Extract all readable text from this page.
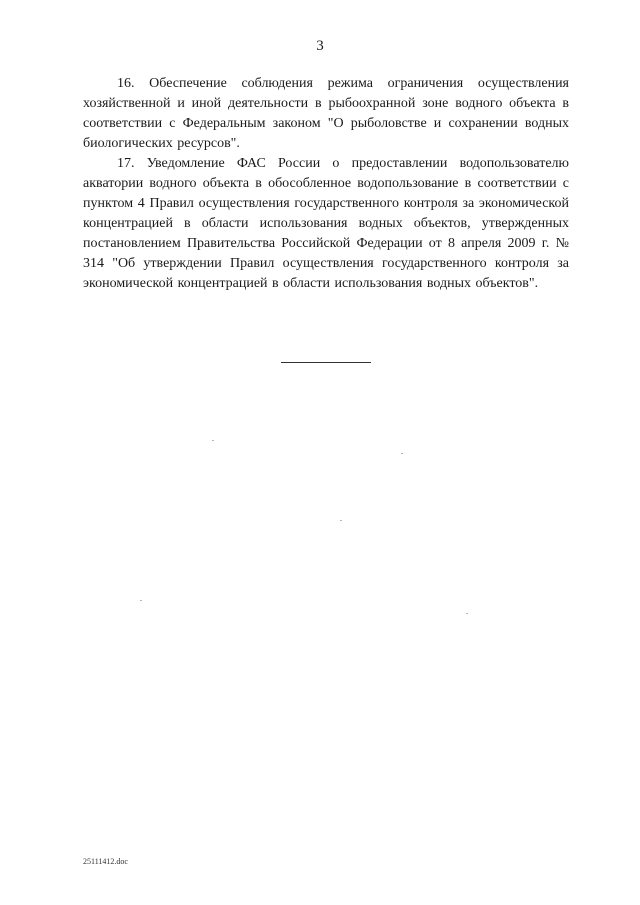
3

16. Обеспечение соблюдения режима ограничения осуществления хозяйственной и иной деятельности в рыбоохранной зоне водного объекта в соответствии с Федеральным законом "О рыболовстве и сохранении водных биологических ресурсов".

17. Уведомление ФАС России о предоставлении водопользователю акватории водного объекта в обособленное водопользование в соответствии с пунктом 4 Правил осуществления государственного контроля за экономической концентрацией в области использования водных объектов, утвержденных постановлением Правительства Российской Федерации от 8 апреля 2009 г. № 314 "Об утверждении Правил осуществления государственного контроля за экономической концентрацией в области использования водных объектов".

25111412.doc
